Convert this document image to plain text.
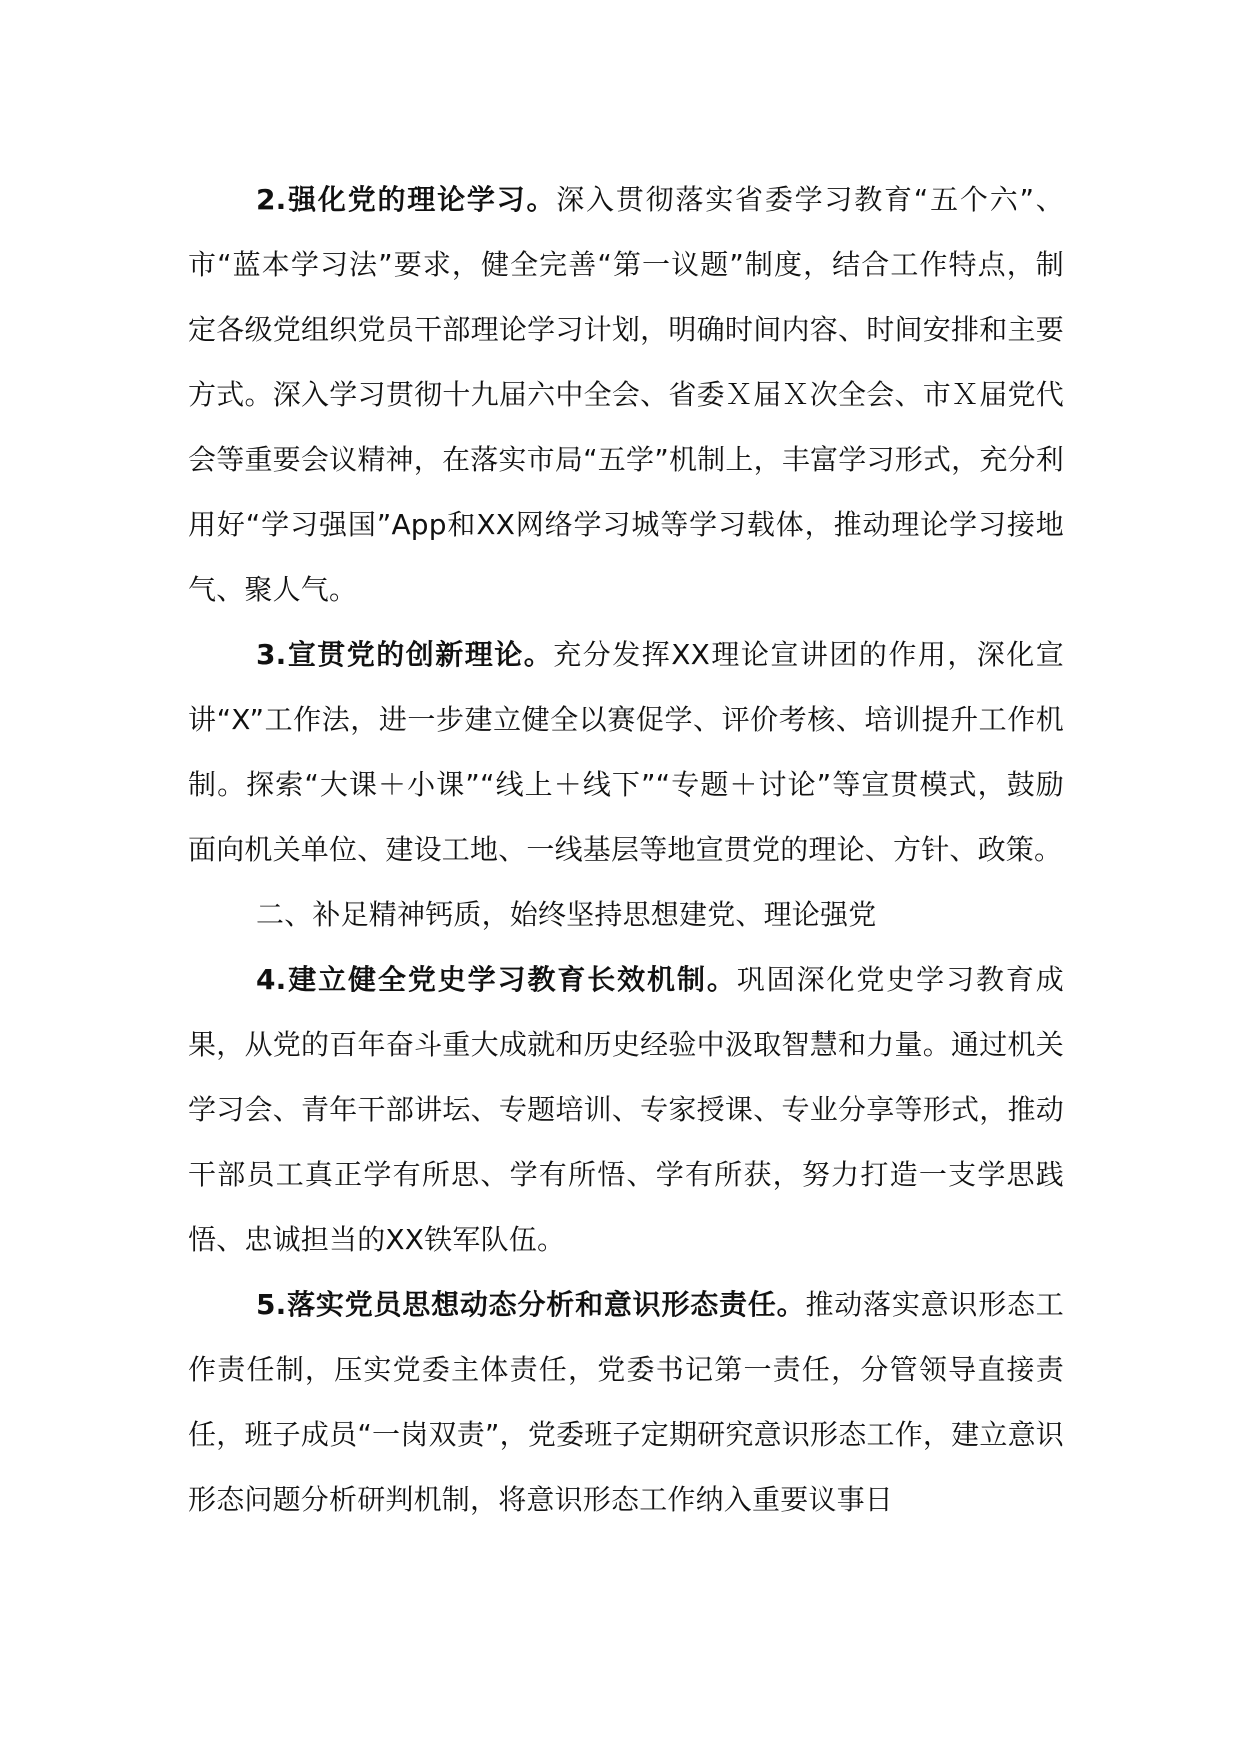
2.强化党的理论学习。深入贯彻落实省委学习教育“五个六”、市“蓝本学习法”要求，健全完善“第一议题”制度，结合工作特点，制定各级党组织党员干部理论学习计划，明确时间内容、时间安排和主要方式。深入学习贯彻十九届六中全会、省委Ｘ届Ｘ次全会、市Ｘ届党代会等重要会议精神，在落实市局“五学”机制上，丰富学习形式，充分利用好“学习强国”App和XX网络学习城等学习载体，推动理论学习接地气、聚人气。

3.宣贯党的创新理论。充分发挥XX理论宣讲团的作用，深化宣讲“X”工作法，进一步建立健全以赛促学、评价考核、培训提升工作机制。探索“大课＋小课”“线上＋线下”“专题＋讨论”等宣贯模式，鼓励面向机关单位、建设工地、一线基层等地宣贯党的理论、方针、政策。

二、补足精神钙质，始终坚持思想建党、理论强党

4.建立健全党史学习教育长效机制。巩固深化党史学习教育成果，从党的百年奋斗重大成就和历史经验中汲取智慧和力量。通过机关学习会、青年干部讲坛、专题培训、专家授课、专业分享等形式，推动干部员工真正学有所思、学有所悟、学有所获，努力打造一支学思践悟、忠诚担当的XX铁军队伍。

5.落实党员思想动态分析和意识形态责任。推动落实意识形态工作责任制，压实党委主体责任，党委书记第一责任，分管领导直接责任，班子成员“一岗双责”，党委班子定期研究意识形态工作，建立意识形态问题分析研判机制，将意识形态工作纳入重要议事日
